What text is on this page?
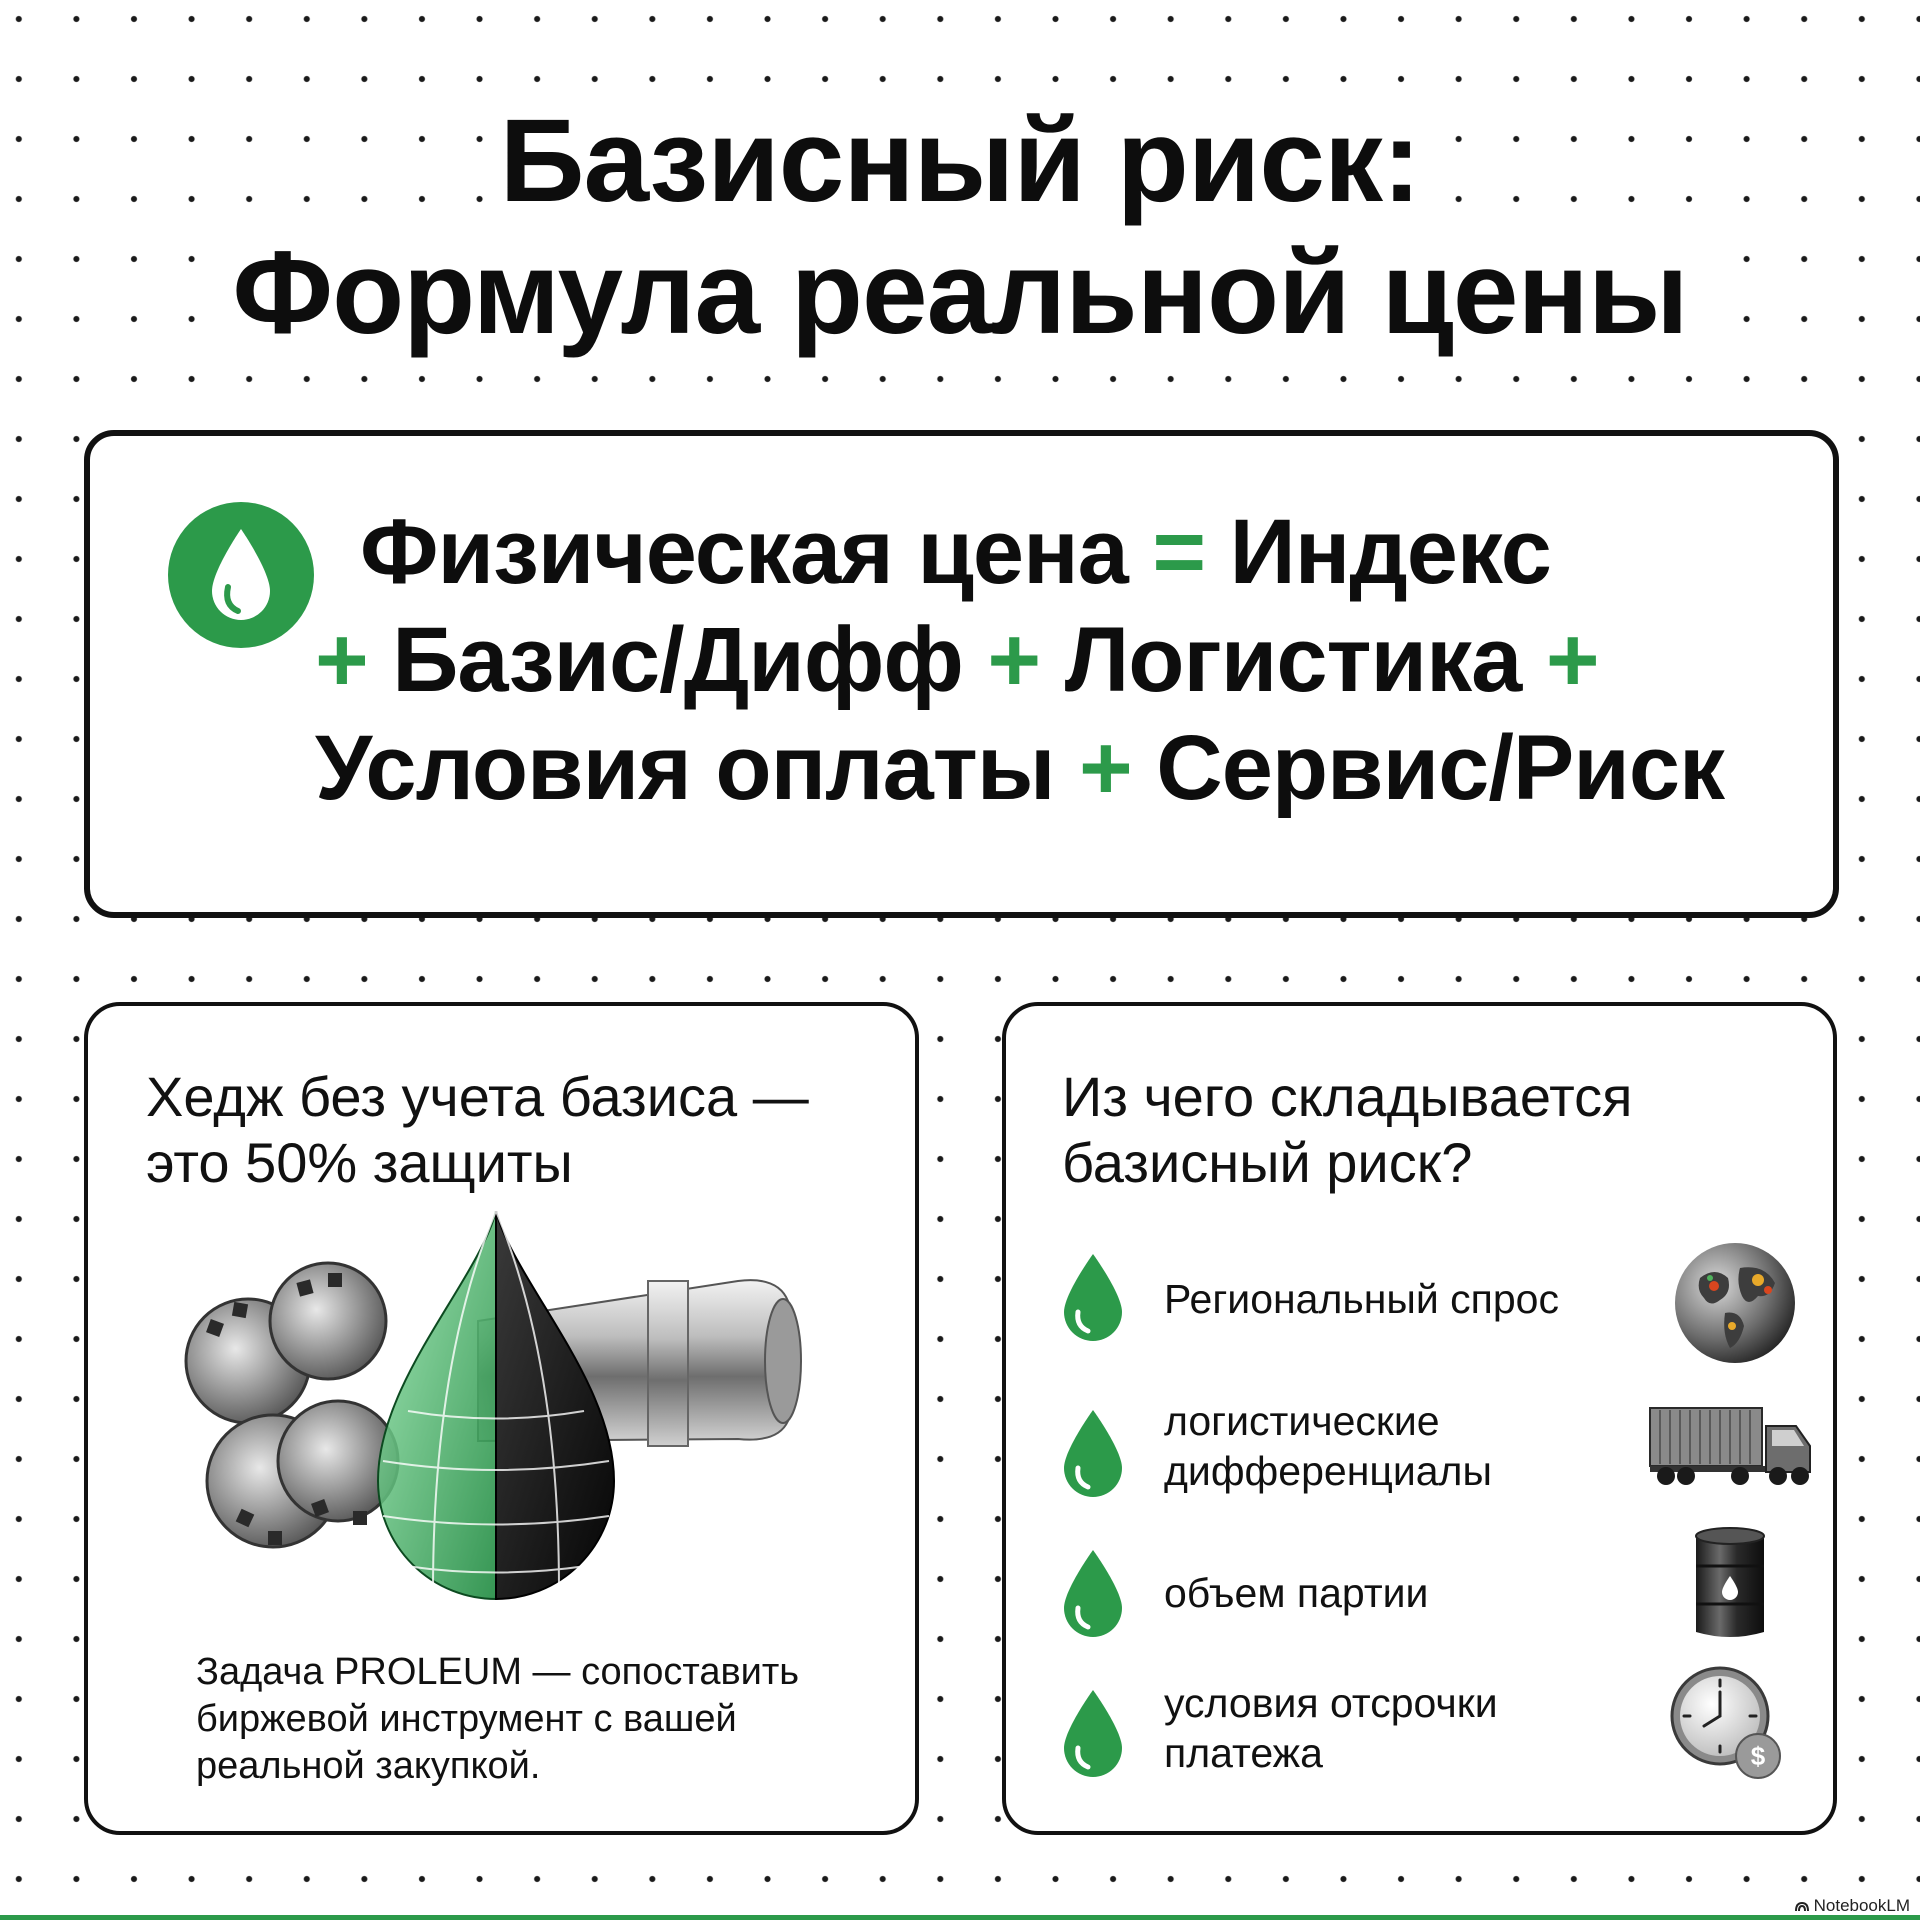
Базисный риск:
Формула реальной цены
Физическая цена = Индекс
+ Базис/Дифф + Логистика +
Условия оплаты + Сервис/Риск
Хедж без учета базиса —
это 50% защиты

Задача PROLEUM — сопоставить
биржевой инструмент с вашей
реальной закупкой.

Из чего складывается
базисный риск?
Региональный спрос
логистические
дифференциалы
объем партии
условия отсрочки
платежа	$
NotebookLM
